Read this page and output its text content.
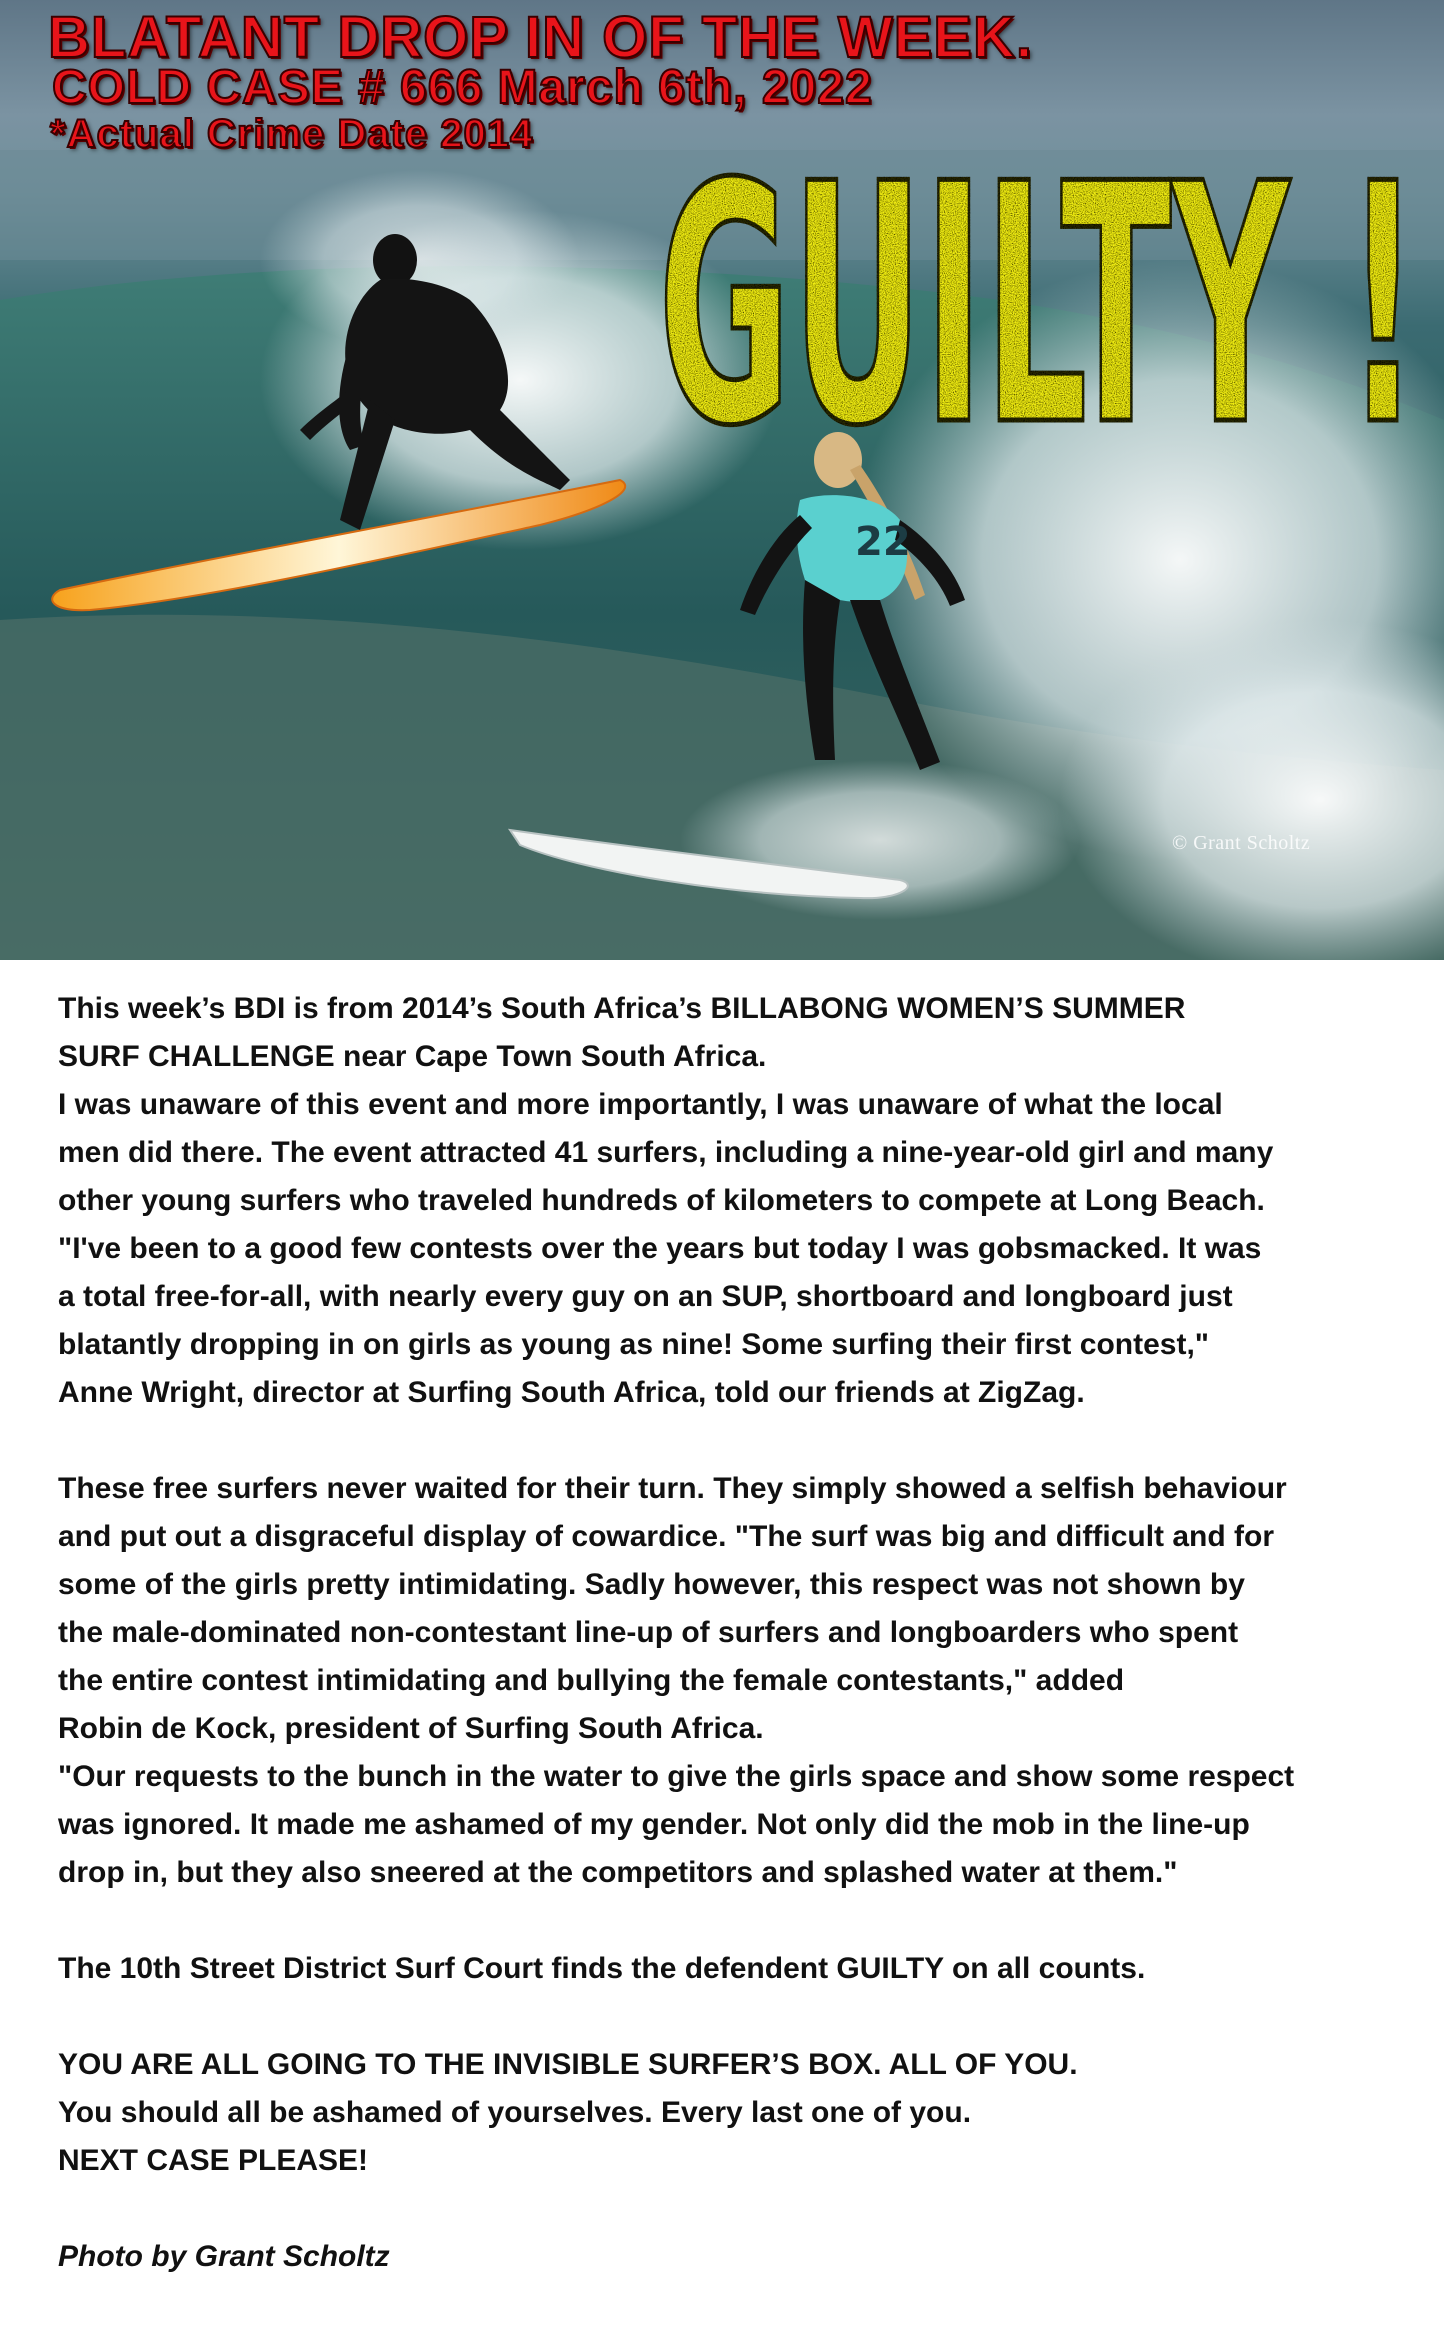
22
BLATANT DROP IN OF THE WEEK.
COLD CASE # 666 March 6th, 2022
*Actual Crime Date 2014 GUILTY !
© Grant Scholtz
This week’s BDI is from 2014’s South Africa’s BILLABONG WOMEN’S SUMMER
SURF CHALLENGE near Cape Town South Africa.
I was unaware of this event and more importantly, I was unaware of what the local
men did there. The event attracted 41 surfers, including a nine-year-old girl and many
other young surfers who traveled hundreds of kilometers to compete at Long Beach.
"I've been to a good few contests over the years but today I was gobsmacked. It was
a total free-for-all, with nearly every guy on an SUP, shortboard and longboard just
blatantly dropping in on girls as young as nine! Some surfing their first contest,"
Anne Wright, director at Surfing South Africa, told our friends at ZigZag.
These free surfers never waited for their turn. They simply showed a selfish behaviour
and put out a disgraceful display of cowardice. "The surf was big and difficult and for
some of the girls pretty intimidating. Sadly however, this respect was not shown by
the male-dominated non-contestant line-up of surfers and longboarders who spent
the entire contest intimidating and bullying the female contestants," added
Robin de Kock, president of Surfing South Africa.
"Our requests to the bunch in the water to give the girls space and show some respect
was ignored. It made me ashamed of my gender. Not only did the mob in the line-up
drop in, but they also sneered at the competitors and splashed water at them."
The 10th Street District Surf Court finds the defendent GUILTY on all counts.
YOU ARE ALL GOING TO THE INVISIBLE SURFER’S BOX. ALL OF YOU.
You should all be ashamed of yourselves. Every last one of you.
NEXT CASE PLEASE!
Photo by Grant Scholtz
